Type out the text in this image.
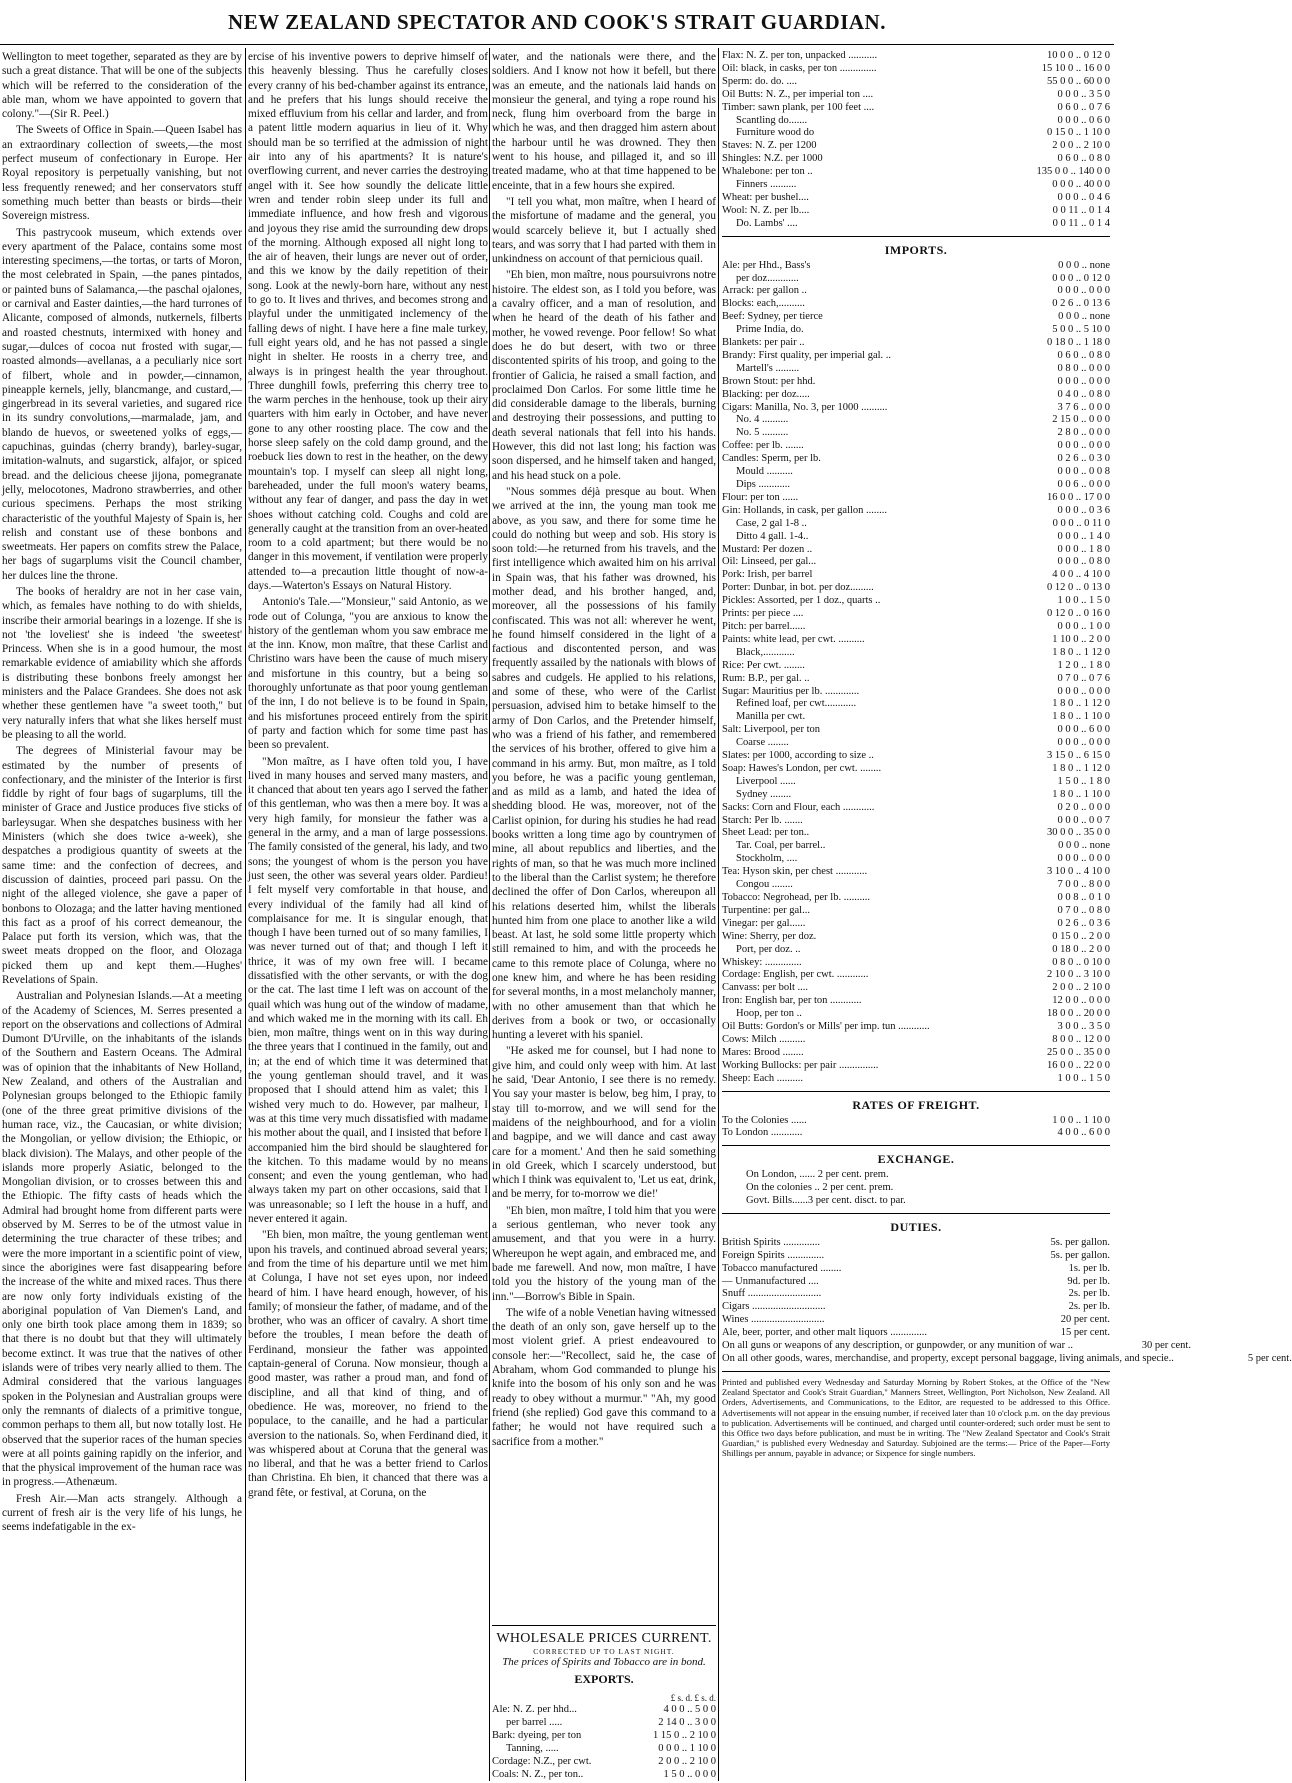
NEW ZEALAND SPECTATOR AND COOK'S STRAIT GUARDIAN.

Wellington to meet together, separated as they are by such a great distance. That will be one of the subjects which will be referred to the consideration of the able man, whom we have appointed to govern that colony."—(Sir R. Peel.)

The Sweets of Office in Spain.—Queen Isabel has an extraordinary collection of sweets,—the most perfect museum of confectionary in Europe. Her Royal repository is perpetually vanishing, but not less frequently renewed; and her conservators stuff something much better than beasts or birds—their Sovereign mistress.

This pastrycook museum, which extends over every apartment of the Palace, contains some most interesting specimens,—the tortas, or tarts of Moron, the most celebrated in Spain, —the panes pintados, or painted buns of Salamanca,—the paschal ojalones, or carnival and Easter dainties,—the hard turrones of Alicante, composed of almonds, nutkernels, filberts and roasted chestnuts, intermixed with honey and sugar,—dulces of cocoa nut frosted with sugar,—roasted almonds—avellanas, a a peculiarly nice sort of filbert, whole and in powder,—cinnamon, pineapple kernels, jelly, blancmange, and custard,—gingerbread in its several varieties, and sugared rice in its sundry convolutions,—marmalade, jam, and blando de huevos, or sweetened yolks of eggs,—capuchinas, guindas (cherry brandy), barley-sugar, imitation-walnuts, and sugarstick, alfajor, or spiced bread. and the delicious cheese jijona, pomegranate jelly, melocotones, Madrono strawberries, and other curious specimens. Perhaps the most striking characteristic of the youthful Majesty of Spain is, her relish and constant use of these bonbons and sweetmeats. Her papers on comfits strew the Palace, her bags of sugarplums visit the Council chamber, her dulces line the throne.

The books of heraldry are not in her case vain, which, as females have nothing to do with shields, inscribe their armorial bearings in a lozenge. If she is not 'the loveliest' she is indeed 'the sweetest' Princess. When she is in a good humour, the most remarkable evidence of amiability which she affords is distributing these bonbons freely amongst her ministers and the Palace Grandees. She does not ask whether these gentlemen have "a sweet tooth," but very naturally infers that what she likes herself must be pleasing to all the world.

The degrees of Ministerial favour may be estimated by the number of presents of confectionary, and the minister of the Interior is first fiddle by right of four bags of sugarplums, till the minister of Grace and Justice produces five sticks of barleysugar. When she despatches business with her Ministers (which she does twice a-week), she despatches a prodigious quantity of sweets at the same time: and the confection of decrees, and discussion of dainties, proceed pari passu. On the night of the alleged violence, she gave a paper of bonbons to Olozaga; and the latter having mentioned this fact as a proof of his correct demeanour, the Palace put forth its version, which was, that the sweet meats dropped on the floor, and Olozaga picked them up and kept them.—Hughes' Revelations of Spain.

Australian and Polynesian Islands.—At a meeting of the Academy of Sciences, M. Serres presented a report on the observations and collections of Admiral Dumont D'Urville, on the inhabitants of the islands of the Southern and Eastern Oceans. The Admiral was of opinion that the inhabitants of New Holland, New Zealand, and others of the Australian and Polynesian groups belonged to the Ethiopic family (one of the three great primitive divisions of the human race, viz., the Caucasian, or white division; the Mongolian, or yellow division; the Ethiopic, or black division). The Malays, and other people of the islands more properly Asiatic, belonged to the Mongolian division, or to crosses between this and the Ethiopic. The fifty casts of heads which the Admiral had brought home from different parts were observed by M. Serres to be of the utmost value in determining the true character of these tribes; and were the more important in a scientific point of view, since the aborigines were fast disappearing before the increase of the white and mixed races. Thus there are now only forty individuals existing of the aboriginal population of Van Diemen's Land, and only one birth took place among them in 1839; so that there is no doubt but that they will ultimately become extinct. It was true that the natives of other islands were of tribes very nearly allied to them. The Admiral considered that the various languages spoken in the Polynesian and Australian groups were only the remnants of dialects of a primitive tongue, common perhaps to them all, but now totally lost. He observed that the superior races of the human species were at all points gaining rapidly on the inferior, and that the physical improvement of the human race was in progress.—Athenæum.

Fresh Air.—Man acts strangely. Although a current of fresh air is the very life of his lungs, he seems indefatigable in the ex-

ercise of his inventive powers to deprive himself of this heavenly blessing. Thus he carefully closes every cranny of his bed-chamber against its entrance, and he prefers that his lungs should receive the mixed effluvium from his cellar and larder, and from a patent little modern aquarius in lieu of it. Why should man be so terrified at the admission of night air into any of his apartments? It is nature's overflowing current, and never carries the destroying angel with it. See how soundly the delicate little wren and tender robin sleep under its full and immediate influence, and how fresh and vigorous and joyous they rise amid the surrounding dew drops of the morning. Although exposed all night long to the air of heaven, their lungs are never out of order, and this we know by the daily repetition of their song. Look at the newly-born hare, without any nest to go to. It lives and thrives, and becomes strong and playful under the unmitigated inclemency of the falling dews of night. I have here a fine male turkey, full eight years old, and he has not passed a single night in shelter. He roosts in a cherry tree, and always is in pringest health the year throughout. Three dunghill fowls, preferring this cherry tree to the warm perches in the henhouse, took up their airy quarters with him early in October, and have never gone to any other roosting place. The cow and the horse sleep safely on the cold damp ground, and the roebuck lies down to rest in the heather, on the dewy mountain's top. I myself can sleep all night long, bareheaded, under the full moon's watery beams, without any fear of danger, and pass the day in wet shoes without catching cold. Coughs and cold are generally caught at the transition from an over-heated room to a cold apartment; but there would be no danger in this movement, if ventilation were properly attended to—a precaution little thought of now-a-days.—Waterton's Essays on Natural History.

Antonio's Tale.—"Monsieur," said Antonio, as we rode out of Colunga, "you are anxious to know the history of the gentleman whom you saw embrace me at the inn. Know, mon maître, that these Carlist and Christino wars have been the cause of much misery and misfortune in this country, but a being so thoroughly unfortunate as that poor young gentleman of the inn, I do not believe is to be found in Spain, and his misfortunes proceed entirely from the spirit of party and faction which for some time past has been so prevalent.

"Mon maître, as I have often told you, I have lived in many houses and served many masters, and it chanced that about ten years ago I served the father of this gentleman, who was then a mere boy. It was a very high family, for monsieur the father was a general in the army, and a man of large possessions. The family consisted of the general, his lady, and two sons; the youngest of whom is the person you have just seen, the other was several years older. Pardieu! I felt myself very comfortable in that house, and every individual of the family had all kind of complaisance for me. It is singular enough, that though I have been turned out of so many families, I was never turned out of that; and though I left it thrice, it was of my own free will. I became dissatisfied with the other servants, or with the dog or the cat. The last time I left was on account of the quail which was hung out of the window of madame, and which waked me in the morning with its call. Eh bien, mon maître, things went on in this way during the three years that I continued in the family, out and in; at the end of which time it was determined that the young gentleman should travel, and it was proposed that I should attend him as valet; this I wished very much to do. However, par malheur, I was at this time very much dissatisfied with madame his mother about the quail, and I insisted that before I accompanied him the bird should be slaughtered for the kitchen. To this madame would by no means consent; and even the young gentleman, who had always taken my part on other occasions, said that I was unreasonable; so I left the house in a huff, and never entered it again.

"Eh bien, mon maître, the young gentleman went upon his travels, and continued abroad several years; and from the time of his departure until we met him at Colunga, I have not set eyes upon, nor indeed heard of him. I have heard enough, however, of his family; of monsieur the father, of madame, and of the brother, who was an officer of cavalry. A short time before the troubles, I mean before the death of Ferdinand, monsieur the father was appointed captain-general of Coruna. Now monsieur, though a good master, was rather a proud man, and fond of discipline, and all that kind of thing, and of obedience. He was, moreover, no friend to the populace, to the canaille, and he had a particular aversion to the nationals. So, when Ferdinand died, it was whispered about at Coruna that the general was no liberal, and that he was a better friend to Carlos than Christina. Eh bien, it chanced that there was a grand fête, or festival, at Coruna, on the

water, and the nationals were there, and the soldiers. And I know not how it befell, but there was an emeute, and the nationals laid hands on monsieur the general, and tying a rope round his neck, flung him overboard from the barge in which he was, and then dragged him astern about the harbour until he was drowned. They then went to his house, and pillaged it, and so ill treated madame, who at that time happened to be enceinte, that in a few hours she expired.

"I tell you what, mon maître, when I heard of the misfortune of madame and the general, you would scarcely believe it, but I actually shed tears, and was sorry that I had parted with them in unkindness on account of that pernicious quail.

"Eh bien, mon maître, nous poursuivrons notre histoire. The eldest son, as I told you before, was a cavalry officer, and a man of resolution, and when he heard of the death of his father and mother, he vowed revenge. Poor fellow! So what does he do but desert, with two or three discontented spirits of his troop, and going to the frontier of Galicia, he raised a small faction, and proclaimed Don Carlos. For some little time he did considerable damage to the liberals, burning and destroying their possessions, and putting to death several nationals that fell into his hands. However, this did not last long; his faction was soon dispersed, and he himself taken and hanged, and his head stuck on a pole.

"Nous sommes déjà presque au bout. When we arrived at the inn, the young man took me above, as you saw, and there for some time he could do nothing but weep and sob. His story is soon told:—he returned from his travels, and the first intelligence which awaited him on his arrival in Spain was, that his father was drowned, his mother dead, and his brother hanged, and, moreover, all the possessions of his family confiscated. This was not all: wherever he went, he found himself considered in the light of a factious and discontented person, and was frequently assailed by the nationals with blows of sabres and cudgels. He applied to his relations, and some of these, who were of the Carlist persuasion, advised him to betake himself to the army of Don Carlos, and the Pretender himself, who was a friend of his father, and remembered the services of his brother, offered to give him a command in his army. But, mon maître, as I told you before, he was a pacific young gentleman, and as mild as a lamb, and hated the idea of shedding blood. He was, moreover, not of the Carlist opinion, for during his studies he had read books written a long time ago by countrymen of mine, all about republics and liberties, and the rights of man, so that he was much more inclined to the liberal than the Carlist system; he therefore declined the offer of Don Carlos, whereupon all his relations deserted him, whilst the liberals hunted him from one place to another like a wild beast. At last, he sold some little property which still remained to him, and with the proceeds he came to this remote place of Colunga, where no one knew him, and where he has been residing for several months, in a most melancholy manner, with no other amusement than that which he derives from a book or two, or occasionally hunting a leveret with his spaniel.

"He asked me for counsel, but I had none to give him, and could only weep with him. At last he said, 'Dear Antonio, I see there is no remedy. You say your master is below, beg him, I pray, to stay till to-morrow, and we will send for the maidens of the neighbourhood, and for a violin and bagpipe, and we will dance and cast away care for a moment.' And then he said something in old Greek, which I scarcely understood, but which I think was equivalent to, 'Let us eat, drink, and be merry, for to-morrow we die!'

"Eh bien, mon maître, I told him that you were a serious gentleman, who never took any amusement, and that you were in a hurry. Whereupon he wept again, and embraced me, and bade me farewell. And now, mon maître, I have told you the history of the young man of the inn."—Borrow's Bible in Spain.

The wife of a noble Venetian having witnessed the death of an only son, gave herself up to the most violent grief. A priest endeavoured to console her:—"Recollect, said he, the case of Abraham, whom God commanded to plunge his knife into the bosom of his only son and he was ready to obey without a murmur." "Ah, my good friend (she replied) God gave this command to a father; he would not have required such a sacrifice from a mother."

WHOLESALE PRICES CURRENT.
CORRECTED UP TO LAST NIGHT.
The prices of Spirits and Tobacco are in bond.
EXPORTS.
£ s. d. £ s. d.
Ale: N. Z. per hhd...	4 0 0 .. 5 0 0
per barrel .....	2 14 0 .. 3 0 0
Bark: dyeing, per ton	1 15 0 .. 2 10 0
Tanning, .....	0 0 0 .. 1 10 0
Cordage: N.Z., per cwt.	2 0 0 .. 2 10 0
Coals: N. Z., per ton..	1 5 0 .. 0 0 0
Flax: N. Z. per ton, unpacked ...........	10 0 0 .. 0 12 0
Oil: black, in casks, per ton ..............	15 10 0 .. 16 0 0
Sperm: do. do. ....	55 0 0 .. 60 0 0
Oil Butts: N. Z., per imperial ton ....	0 0 0 .. 3 5 0
Timber: sawn plank, per 100 feet ....	0 6 0 .. 0 7 6
Scantling do.......	0 0 0 .. 0 6 0
Furniture wood do	0 15 0 .. 1 10 0
Staves: N. Z. per 1200	2 0 0 .. 2 10 0
Shingles: N.Z. per 1000	0 6 0 .. 0 8 0
Whalebone: per ton ..	135 0 0 .. 140 0 0
Finners ..........	0 0 0 .. 40 0 0
Wheat: per bushel....	0 0 0 .. 0 4 6
Wool: N. Z. per lb....	0 0 11 .. 0 1 4
Do. Lambs' ....	0 0 11 .. 0 1 4
IMPORTS.
Ale: per Hhd., Bass's	0 0 0 .. none
per doz............	0 0 0 .. 0 12 0
Arrack: per gallon ..	0 0 0 .. 0 0 0
Blocks: each,..........	0 2 6 .. 0 13 6
Beef: Sydney, per tierce	0 0 0 .. none
Prime India, do.	5 0 0 .. 5 10 0
Blankets: per pair ..	0 18 0 .. 1 18 0
Brandy: First quality, per imperial gal. ..	0 6 0 .. 0 8 0
Martell's .........	0 8 0 .. 0 0 0
Brown Stout: per hhd.	0 0 0 .. 0 0 0
Blacking: per doz.....	0 4 0 .. 0 8 0
Cigars: Manilla, No. 3, per 1000 ..........	3 7 6 .. 0 0 0
No. 4 ..........	2 15 0 .. 0 0 0
No. 5 ..........	2 8 0 .. 0 0 0
Coffee: per lb. .......	0 0 0 .. 0 0 0
Candles: Sperm, per lb.	0 2 6 .. 0 3 0
Mould ..........	0 0 0 .. 0 0 8
Dips ............	0 0 6 .. 0 0 0
Flour: per ton ......	16 0 0 .. 17 0 0
Gin: Hollands, in cask, per gallon ........	0 0 0 .. 0 3 6
Case, 2 gal 1-8 ..	0 0 0 .. 0 11 0
Ditto 4 gall. 1-4..	0 0 0 .. 1 4 0
Mustard: Per dozen ..	0 0 0 .. 1 8 0
Oil: Linseed, per gal...	0 0 0 .. 0 8 0
Pork: Irish, per barrel	4 0 0 .. 4 10 0
Porter: Dunbar, in bot. per doz.........	0 12 0 .. 0 13 0
Pickles: Assorted, per 1 doz., quarts ..	1 0 0 .. 1 5 0
Prints: per piece ....	0 12 0 .. 0 16 0
Pitch: per barrel......	0 0 0 .. 1 0 0
Paints: white lead, per cwt. ..........	1 10 0 .. 2 0 0
Black,............	1 8 0 .. 1 12 0
Rice: Per cwt. ........	1 2 0 .. 1 8 0
Rum: B.P., per gal. ..	0 7 0 .. 0 7 6
Sugar: Mauritius per lb. .............	0 0 0 .. 0 0 0
Refined loaf, per cwt............	1 8 0 .. 1 12 0
Manilla per cwt.	1 8 0 .. 1 10 0
Salt: Liverpool, per ton	0 0 0 .. 6 0 0
Coarse ........	0 0 0 .. 0 0 0
Slates: per 1000, according to size ..	3 15 0 .. 6 15 0
Soap: Hawes's London, per cwt. ........	1 8 0 .. 1 12 0
Liverpool ......	1 5 0 .. 1 8 0
Sydney ........	1 8 0 .. 1 10 0
Sacks: Corn and Flour, each ............	0 2 0 .. 0 0 0
Starch: Per lb. .......	0 0 0 .. 0 0 7
Sheet Lead: per ton..	30 0 0 .. 35 0 0
Tar. Coal, per barrel..	0 0 0 .. none
Stockholm, ....	0 0 0 .. 0 0 0
Tea: Hyson skin, per chest ............	3 10 0 .. 4 10 0
Congou ........	7 0 0 .. 8 0 0
Tobacco: Negrohead, per lb. ..........	0 0 8 .. 0 1 0
Turpentine: per gal...	0 7 0 .. 0 8 0
Vinegar: per gal......	0 2 6 .. 0 3 6
Wine: Sherry, per doz.	0 15 0 .. 2 0 0
Port, per doz. ..	0 18 0 .. 2 0 0
Whiskey: ..............	0 8 0 .. 0 10 0
Cordage: English, per cwt. ............	2 10 0 .. 3 10 0
Canvass: per bolt ....	2 0 0 .. 2 10 0
Iron: English bar, per ton ............	12 0 0 .. 0 0 0
Hoop, per ton ..	18 0 0 .. 20 0 0
Oil Butts: Gordon's or Mills' per imp. tun ............	3 0 0 .. 3 5 0
Cows: Milch ..........	8 0 0 .. 12 0 0
Mares: Brood ........	25 0 0 .. 35 0 0
Working Bullocks: per pair ...............	16 0 0 .. 22 0 0
Sheep: Each ..........	1 0 0 .. 1 5 0
RATES OF FREIGHT.
To the Colonies ......	1 0 0 .. 1 10 0
To London ............	4 0 0 .. 6 0 0
EXCHANGE.
On London, ...... 2 per cent. prem.
On the colonies .. 2 per cent. prem.
Govt. Bills......3 per cent. disct. to par.
DUTIES.
British Spirits ..............	5s. per gallon.
Foreign Spirits ..............	5s. per gallon.
Tobacco manufactured ........	1s. per lb.
— Unmanufactured ....	9d. per lb.
Snuff ............................	2s. per lb.
Cigars ............................	2s. per lb.
Wines ............................	20 per cent.
Ale, beer, porter, and other malt liquors ..............	15 per cent.
On all guns or weapons of any description, or gunpowder, or any munition of war ..	30 per cent.
On all other goods, wares, merchandise, and property, except personal baggage, living animals, and specie..	5 per cent.
Printed and published every Wednesday and Saturday Morning by Robert Stokes, at the Office of the "New Zealand Spectator and Cook's Strait Guardian," Manners Street, Wellington, Port Nicholson, New Zealand. All Orders, Advertisements, and Communications, to the Editor, are requested to be addressed to this Office. Advertisements will not appear in the ensuing number, if received later than 10 o'clock p.m. on the day previous to publication. Advertisements will be continued, and charged until counter-ordered; such order must be sent to this Office two days before publication, and must be in writing. The "New Zealand Spectator and Cook's Strait Guardian," is published every Wednesday and Saturday. Subjoined are the terms:— Price of the Paper—Forty Shillings per annum, payable in advance; or Sixpence for single numbers.
